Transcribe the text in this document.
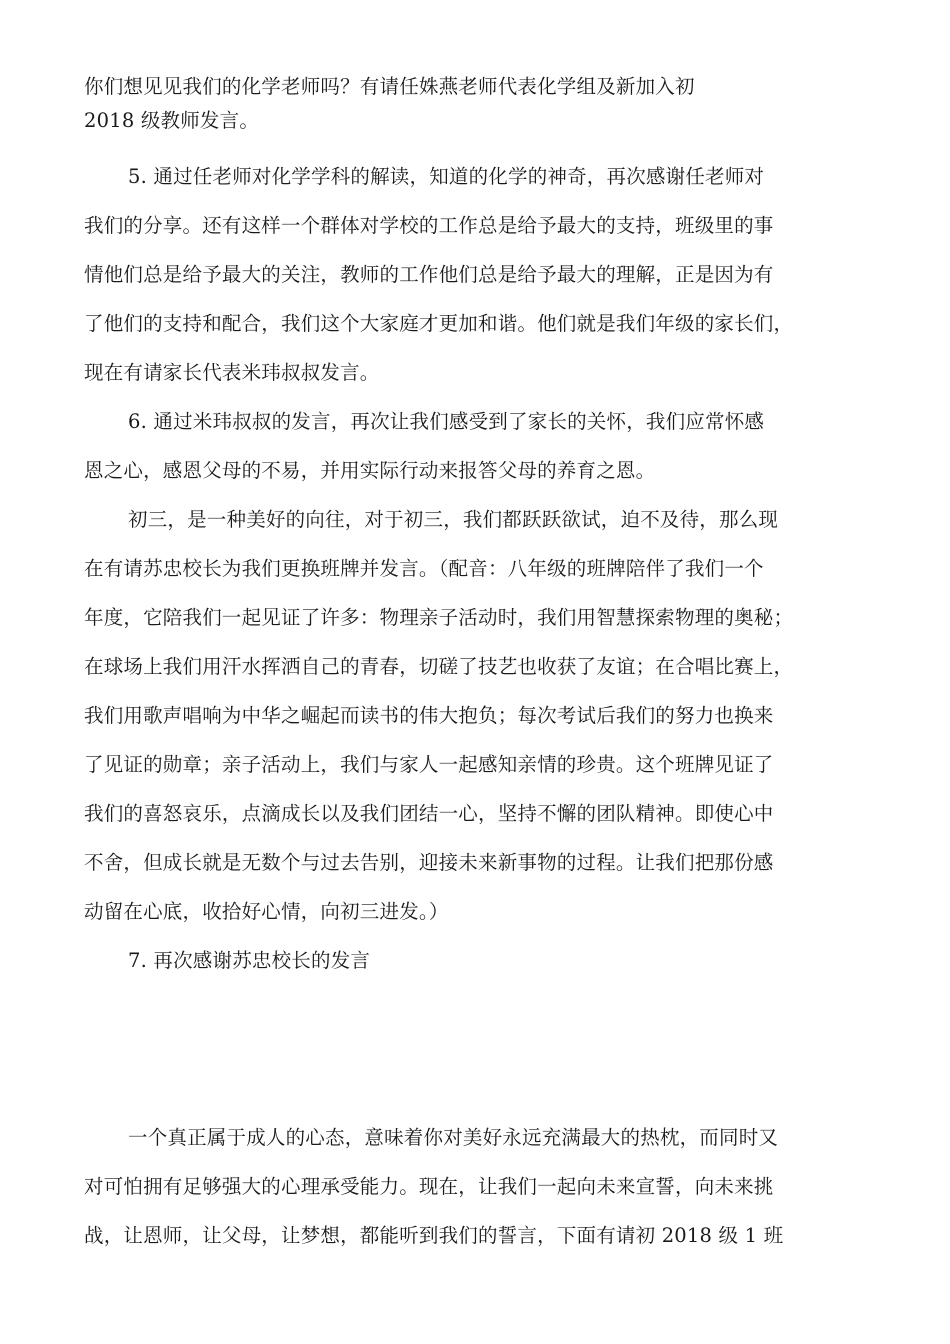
你们想见见我们的化学老师吗？有请任姝燕老师代表化学组及新加入初
2018 级教师发言。

5. 通过任老师对化学学科的解读，知道的化学的神奇，再次感谢任老师对
我们的分享。还有这样一个群体对学校的工作总是给予最大的支持，班级里的事
情他们总是给予最大的关注，教师的工作他们总是给予最大的理解，正是因为有
了他们的支持和配合，我们这个大家庭才更加和谐。他们就是我们年级的家长们，
现在有请家长代表米玮叔叔发言。

6. 通过米玮叔叔的发言，再次让我们感受到了家长的关怀，我们应常怀感
恩之心，感恩父母的不易，并用实际行动来报答父母的养育之恩。

初三，是一种美好的向往，对于初三，我们都跃跃欲试，迫不及待，那么现
在有请苏忠校长为我们更换班牌并发言。（配音：八年级的班牌陪伴了我们一个
年度，它陪我们一起见证了许多：物理亲子活动时，我们用智慧探索物理的奥秘；
在球场上我们用汗水挥洒自己的青春，切磋了技艺也收获了友谊；在合唱比赛上，
我们用歌声唱响为中华之崛起而读书的伟大抱负；每次考试后我们的努力也换来
了见证的勋章；亲子活动上，我们与家人一起感知亲情的珍贵。这个班牌见证了
我们的喜怒哀乐，点滴成长以及我们团结一心，坚持不懈的团队精神。即使心中
不舍，但成长就是无数个与过去告别，迎接未来新事物的过程。让我们把那份感
动留在心底，收拾好心情，向初三进发。）

7. 再次感谢苏忠校长的发言

一个真正属于成人的心态，意味着你对美好永远充满最大的热枕，而同时又
对可怕拥有足够强大的心理承受能力。现在，让我们一起向未来宣誓，向未来挑
战，让恩师，让父母，让梦想，都能听到我们的誓言，下面有请初 2018 级 1 班
